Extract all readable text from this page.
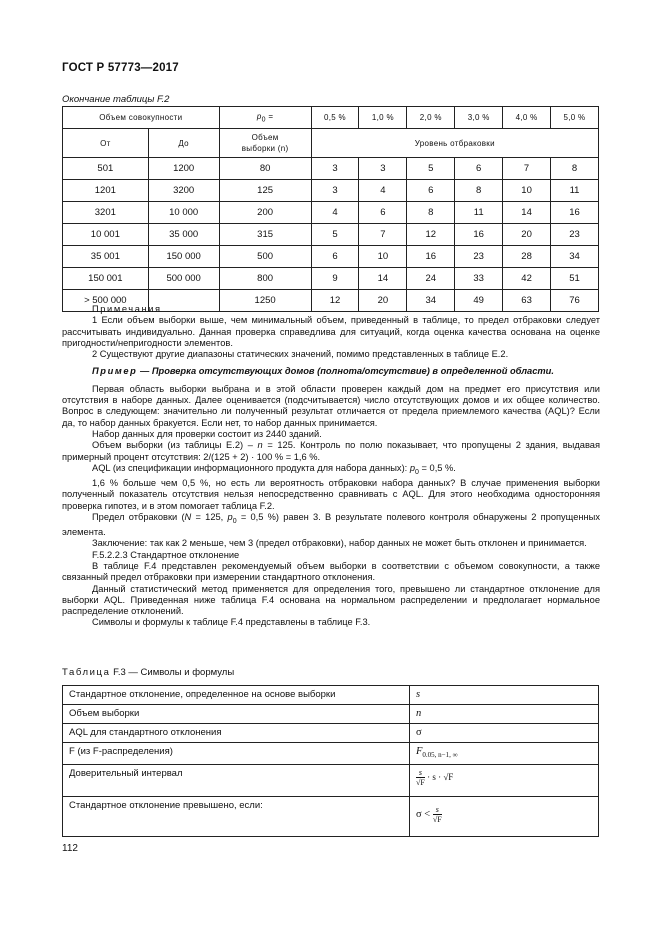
ГОСТ Р 57773—2017
Окончание таблицы F.2
Объем совокупности		$p_0$ =	0,5 %	1,0 %	2,0 %	3,0 %	4,0 %	5,0 %
От	До	Объем
выборки (n)	Уровень отбраковки					
501	1200	80	3	3	5	6	7	8
1201	3200	125	3	4	6	8	10	11
3201	10 000	200	4	6	8	11	14	16
10 001	35 000	315	5	7	12	16	20	23
35 001	150 000	500	6	10	16	23	28	34
150 001	500 000	800	9	14	24	33	42	51
> 500 000		1250	12	20	34	49	63	76

Примечания

1 Если объем выборки выше, чем минимальный объем, приведенный в таблице, то предел отбраковки следует рассчитывать индивидуально. Данная проверка справедлива для ситуаций, когда оценка качества основана на оценке пригодности/непригодности элементов.

2 Существуют другие диапазоны статических значений, помимо представленных в таблице Е.2.

Пример — Проверка отсутствующих домов (полнота/отсутствие) в определенной области.

Первая область выборки выбрана и в этой области проверен каждый дом на предмет его присутствия или отсутствия в наборе данных. Далее оценивается (подсчитывается) число отсутствующих домов и их общее количество. Вопрос в следующем: значительно ли полученный результат отличается от предела приемлемого качества (AQL)? Если да, то набор данных бракуется. Если нет, то набор данных принимается.

Набор данных для проверки состоит из 2440 зданий.

Объем выборки (из таблицы Е.2) – n = 125. Контроль по полю показывает, что пропущены 2 здания, выдавая примерный процент отсутствия: 2/(125 + 2) · 100 % = 1,6 %.

AQL (из спецификации информационного продукта для набора данных): $p_0 = 0,5$ %.

1,6 % больше чем 0,5 %, но есть ли вероятность отбраковки набора данных? В случае применения выборки полученный показатель отсутствия нельзя непосредственно сравнивать с AQL. Для этого необходима односторонняя проверка гипотез, и в этом помогает таблица F.2.

Предел отбраковки (N = 125, $p_0 = 0,5$ %) равен 3. В результате полевого контроля обнаружены 2 пропущенных элемента.

Заключение: так как 2 меньше, чем 3 (предел отбраковки), набор данных не может быть отклонен и принимается.

F.5.2.2.3 Стандартное отклонение

В таблице F.4 представлен рекомендуемый объем выборки в соответствии с объемом совокупности, а также связанный предел отбраковки при измерении стандартного отклонения.

Данный статистический метод применяется для определения того, превышено ли стандартное отклонение для выборки AQL. Приведенная ниже таблица F.4 основана на нормальном распределении и предполагает нормальное распределение отклонений.

Символы и формулы к таблице F.4 представлены в таблице F.3.

Таблица F.3 — Символы и формулы
Стандартное отклонение, определенное на основе выборки	s
Объем выборки	n
AQL для стандартного отклонения	σ
F (из F-распределения)	$F_{0.05, n-1, \infty}$
Доверительный интервал	$\frac{s}{√F} \cdot s \cdot √F$
Стандартное отклонение превышено, если:	$\sigma < \frac{s}{√F}$
112
